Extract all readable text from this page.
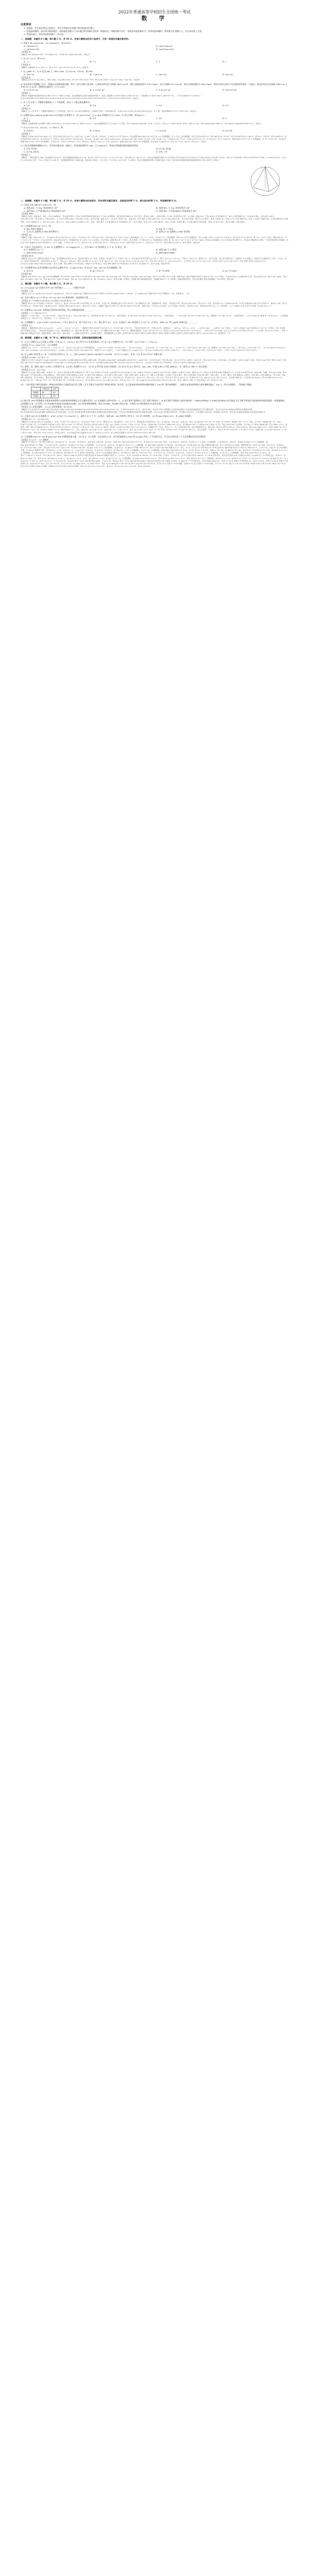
2022年普通高等学校招生全国统一考试
数　学
注意事项：
1. 答卷前，考生务必将自己的姓名、考生号等填写在答题卡和试卷指定位置上。
2. 回答选择题时，选出每小题答案后，用铅笔把答题卡上对应题目的答案标号涂黑。如需改动，用橡皮擦干净后，再选涂其他答案标号。回答非选择题时，将答案写在答题卡上。写在本试卷上无效。
3. 考试结束后，将本试卷和答题卡一并交回。
一、选择题：本题共 8 小题，每小题 5 分，共 40 分。在每小题给出的四个选项中，只有一项是符合题目要求的。
1. 若集合 M={x|√x<4}，N={x|3x≥1}，则 M∩N=
A. {x|0≤x<2}	B. {x|1/3≤x<2}
C. {x|3≤x<16}	D. {x|1/3≤x<16}
【答案】D
【解析】M={x|0≤x<16}，N={x|x≥1/3}，故 M∩N={x|1/3≤x<16}，故选 D.
2. 若 i(1−z)=1，则 z+z̄=
A. −2	B. −1	C. 1	D. 2
【答案】D
【解析】由题设有 1−z=1/i=−i，故 z=1+i，故 z+z̄=(1+i)+(1−i)=2，故选 D.
3. 在 △ABC 中，点 D 在边 AB 上，BD=2DA．记 CA=m，CD=n，则 CB=
A. 3m−2n	B. −2m+3n	C. 3m+2n	D. 2m+3n
【答案】B
【解析】因为点 D 在边 AB 上，BD=2DA，所以 BD=2DA，即 CD−CB=2(CA−CD)，所以 CB=3CD−2CA=3n−2m=−2m+3n．故选 B.
4. 南水北调工程缓解了北方一些地区水资源短缺问题，其中一部分水蓄入某水库．已知该水库水位为海拔 148.5 m 时，相应水面的面积为 140.0 km²；水位为海拔 157.5 m 时，相应水面的面积为 180.0 km²，将该水库在这两个水位间的形状看作一个棱台，则该水库水位从海拔 148.5 m 上升到 157.5 m 时，增加的水量约为（√7≈2.65）
A. 1.0×10⁹ m³	B. 1.2×10⁹ m³	C. 1.4×10⁹ m³	D. 1.6×10⁹ m³
【答案】C
【解析】依题意可知棱台的高为 MN=157.5−148.5=9(m)，所以增加的水量即为棱台的体积 V．棱台上底面积 S=180.0 km²=180×10⁶ m²，下底面积 S′=140.0 km²=140×10⁶ m²，∴V=(1/3)h(S+S′+√(SS′))=(1/3)×9×(140×10⁶+180×10⁶+√(140×180×10¹²))=3×(320+60√7)×10⁶≈(96+18×2.65)×10⁷=1.437×10⁹≈1.4×10⁹(m³)．故选 C.
5. 从 2 至 8 的 7 个整数中随机取 2 个不同的数，则这 2 个数互质的概率为
A. 1/6	B. 1/3	C. 1/2	D. 2/3
【答案】D
【解析】从 2 至 8 的 7 个整数中随机取 2 个不同的数，共有 C₇²=21 种不同的取法，若两数不互质，不同的取法有：(2,4),(2,6),(2,8),(3,6),(4,6),(4,8),(6,8)，共 7 种，故所求概率 P=(21−7)/21=2/3．故选 D.
6. 记函数 f(x)=sin(ωx+π/4)+b(ω>0) 的最小正周期为 T．若 2π/3<T<π，且 y=f(x) 的图象关于点 (3π/2, 2) 中心对称，则 f(π/2)=
A. 1	B. 3/2	C. 5/2	D. 3
【答案】A
【解析】由函数的最小正周期 T 满足 2π/3<T<π，得 2π/3<2π/ω<π，解得 2<ω<3，又因为函数图象关于点 (3π/2, 2) 对称，所以 (3π/2)ω+π/4=kπ，k∈Z，且 b=2，所以 ω=−1/6+(2/3)k，k∈Z，所以 ω=5/2，f(x)=sin((5/2)x+π/4)+2，所以 f(π/2)=sin(5π/4+π/4)+2=1．故选 A.
7. 设 a=0.1e^0.1，b=1/9，c=−ln0.9，则
A. a<b<c	B. c<b<a	C. c<a<b	D. a<c<b
【答案】C
【解析】设 f(x)=ln(1+x)−x(x>−1)，因为 f′(x)=1/(1+x)−1=−x/(1+x)，当 x∈(−1,0) 时，f′(x)>0，当 x∈(0,+∞) 时 f′(x)<0，所以函数 f(x)=ln(1+x)−x 在 (0,+∞) 单调递减，在 (−1,0) 上单调递增，所以 f(1/9)<f(0)=0，所以 ln(10/9)−1/9<0，故 1/9>ln(10/9)=−ln0.9，即 b>c；所以 f(−1/10)<f(0)=0，所以 ln(9/10)+1/10<0，故 9/10<e^(−1/10)，所以 (1/10)e^(1/10)<1/9，故 a<b；设 g(x)=xeˣ+ln(1−x)(0<x<1)，则 g′(x)=(x+1)eˣ+1/(x−1)=((x²−1)eˣ+1)/(x−1)，令 h(x)=eˣ(x²−1)+1，h′(x)=eˣ(x²+2x−1)，当 0<x<√2−1 时，h′(x)<0，函数 h(x)=eˣ(x²−1)+1 单调递减，当 √2−1<x<1 时，h′(x)>0，函数 h(x)=eˣ(x²−1)+1 单调递增，又 h(0)=0，所以当 0<x<√2−1 时，h(x)<0，所以当 0<x<√2−1 时，g′(x)>0，函数 g(x)=xeˣ+ln(1−x) 单调递增，所以 g(0.1)>g(0)=0，即 0.1e^0.1>−ln0.9，所以 a>c．故选 C.
8. 已知正四棱锥的侧棱长为 l，其各顶点都在同一球面上．若该球的体积为 36π，且 3≤l≤3√3，则该正四棱锥体积的取值范围是
A. [18, 81/4]	B. [27/4, 81/4]
C. [27/4, 64/3]	D. [18, 27]
【答案】C
【解析】∵球的体积为 36π，所以球的半径 R=3，设正四棱锥的底面边长为 2a，高为 h，则 l²=2a²+h²，3²=2a²+(3−h)²，所以 6h=l²，2a²=l²−h²，所以正四棱锥的体积 V=(1/3)Sh=(1/3)×4a²×h=(2/3)×(l²−l⁴/36)×(l²/6)=(1/9)(l⁴−l⁶/36)，所以 V′=(1/9)(4l³−l⁵/6)=(1/9)l³((24−l²)/6)，当 3≤l≤2√6 时，V′>0，当 2√6<l≤3√3 时，V′<0，所以当 l=2√6 时，正四棱锥的体积 V 取最大值，最大值为 64/3，又 l=3 时，V=27/4，l=3√3 时，V=81/4，所以正四棱锥的体积 V 的最小值为 27/4，所以该正四棱锥体积的取值范围是 [27/4, 64/3]．故选 C.
二、选择题：本题共 4 小题，每小题 5 分，共 20 分。在每小题给出的选项中，有多项符合题目要求。全部选对的得 5 分，部分选对的得 2 分，有选错的得 0 分。
9. 已知正方体 ABCD−A₁B₁C₁D₁，则
A. 直线 BC₁ 与 DA₁ 所成的角为 90°	B. 直线 BC₁ 与 CA₁ 所成的角为 90°
C. 直线 BC₁ 与平面 BB₁D₁D 所成的角为 45°	D. 直线 BC₁ 与平面 ABCD 所成的角为 45°
【答案】ABD
【解析】如图，连接 B₁C、BC₁，因为 DA₁∥B₁C，所以直线 BC₁ 与 B₁C 所成的角即为直线 BC₁ 与 DA₁ 所成的角，因为四边形 BB₁C₁C 为正方形，则 B₁C⊥BC₁，故直线 BC₁ 与 DA₁ 所成的角为 90°，A 正确；连接 A₁C，因为 A₁B₁⊥平面 BB₁C₁C，BC₁⊂平面 BB₁C₁C，则 A₁B₁⊥BC₁，因为 B₁C⊥BC₁，A₁B₁∩B₁C=B₁，所以 BC₁⊥平面 A₁B₁C，又 A₁C⊂平面 A₁B₁C，所以 BC₁⊥CA₁，故 B 正确；连接 A₁C₁，设 A₁C₁∩B₁D₁=O，连接 BO，因为 BB₁⊥平面 A₁B₁C₁D₁，C₁O⊂平面 A₁B₁C₁D₁，则 C₁O⊥B₁B，因为 C₁O⊥B₁D₁，B₁D₁∩B₁B=B₁，所以 C₁O⊥平面 BB₁D₁D，所以 ∠C₁BO 为直线 BC₁ 与平面 BB₁D₁D 所成的角，设正方体棱长为 1，则 C₁O=√2/2，BC₁=√2，sin∠C₁BO=C₁O/BC₁=1/2，所以，直线 BC₁ 与平面 BB₁D₁D 所成的角为 30°，故 C 错误；因为 C₁C⊥平面 ABCD，所以 ∠C₁BC 为直线 BC₁ 与平面 ABCD 所成的角，易得 ∠C₁BC=45°，故 D 正确．故选 ABD.
10. 已知函数 f(x)=x³−x+1，则
A. f(x) 有两个极值点	B. f(x) 有三个零点
C. 点 (0,1) 是曲线 y=f(x) 的对称中心	D. 直线 y=2x 是曲线 y=f(x) 的切线
【答案】AC
【解析】由题，f′(x)=3x²−1，令 f′(x)>0 得 x>√3/3 或 x<−√3/3，令 f′(x)<0 得 −√3/3<x<√3/3，所以 f(x) 在 (−√3/3, √3/3) 上单调递减，在 (−∞,−√3/3)，(√3/3,+∞) 上单调递增，所以 x=±√3/3 是极值点，故 A 正确；因 f(−√3/3)=1+2√3/9>0，f(√3/3)=1−2√3/9>0，f(−2)=−5<0，所以，函数 f(x) 在 (−∞,−√3/3) 上有一个零点，当 x≥√3/3 时，f(x)≥f(√3/3)>0，即函数 f(x) 在 (√3/3,+∞) 上无零点，综上所述，函数 f(x) 有一个零点，故 B 错误；令 h(x)=x³−x，该函数的定义域为 R，h(−x)=(−x)³−(−x)=−x³+x=−h(x)，则 h(x) 是奇函数，(0,0) 是 h(x) 的对称中心，将 h(x) 的图象向上移动一个单位得到 f(x) 的图象，所以点 (0,1) 是曲线 y=f(x) 的对称中心，故 C 正确；令 f′(x)=3x²−1=2，可得 x=±1，又 f(1)=f(−1)=1，当切点为 (1,1) 时，切线方程为 y=2x−1，当切点为 (−1,1) 时，切线方程为 y=2x+3，故 D 错误．故选 AC.
11. 已知 O 为坐标原点，点 A(1,1) 在抛物线 C：x²=2py(p>0) 上，过点 B(0,−1) 的直线交 C 于 P，Q 两点，则
A. C 的准线为 y=−1	B. 直线 AB 与 C 相切
C. |OP|·|OQ|>|OA|²	D. |BP|·|BQ|>|BA|²
【答案】BCD
【解析】将点 A 代入抛物线方程得 1=2p，所以抛物线方程为 x²=y，故准线方程为 y=−1/4，A 错误；k_AB=(1−(−1))/(1−0)=2，所以直线 AB 的方程为 y=2x−1，联立 {y=2x−1, x²=y}，可得 x²−2x+1=0，解得 x=1，故 B 正确；设过 B 的直线为 l，若直线 l 与 y 轴重合，则直线 l 与抛物线 C 只有一个交点，所以，直线 l 的斜率存在，设其方程为 y=kx−1，P(x₁,y₁)，Q(x₂,y₂)，联立 {y=kx−1, x²=y}，得 x²−kx+1=0，所以 {Δ=k²−4>0, x₁+x₂=k, x₁x₂=1}，所以 k>2 或 k<−2，y₁y₂=(x₁x₂)²=1，又 |OP|=√(x₁²+y₁²)=√(y₁+y₁²)，|OQ|=√(x₂²+y₂²)=√(y₂+y₂²)，所以 |OP|·|OQ|=√(y₁y₂(1+y₁)(1+y₂))=√(kx₁×kx₂)=|k|>2=|OA|²，故 C 正确；因为 |BP|=√(1+k²)|x₁|，|BQ|=√(1+k²)|x₂|，所以 |BP|·|BQ|=(1+k²)|x₁x₂|=1+k²>5，而 |BA|²=5，故 D 正确．故选 BCD.
12. 已知函数 f(x) 及其导函数 f′(x) 的定义域均为 R，记 g(x)=f′(x)，若 f(3/2−2x)，g(2+x) 均为偶函数，则
A. f(0)=0	B. g(−1/2)=0	C. f(−1)=f(4)	D. g(−1)=g(2)
【答案】BC
【解析】因为 f(3/2−2x)，g(2+x) 均为偶函数，所以 f(3/2−2x)=f(3/2+2x) 即 f(3/2−x)=f(3/2+x)，g(2+x)=g(2−x)，所以 f(3−x)=f(x)，g(4−x)=g(x)，则 f(−1)=f(4)，故 C 正确；函数 f(x)，g(x) 的图象分别关于直线 x=3/2，x=2 对称，又 g(x)=f′(x)，且函数 f(x) 可导，所以 g(3/2)=0，g(3−x)=−g(x)，所以 g(4−x)=g(x)=−g(3−x)，所以 g(x+2)=−g(x+1)=g(x)，所以 g(−1/2)=g(3/2)=0，g(−1)=g(1)=−g(2)，故 B 正确，D 错误；若函数 f(x) 满足题设条件，则函数 f(x)+C（C 为常数）也满足题设条件，所以无法确定 f(x) 的函数值，故 A 错误．故选 BC.
三、填空题：本题共 4 小题，每小题 5 分，共 20 分。
13. (1−y/x)(x+y)⁸ 的展开式中 x²y⁶ 的系数为 ________（用数字作答）．
【答案】−28
【解析】因为 (1−y/x)(x+y)⁸=(x+y)⁸−(y/x)(x+y)⁸，所以 (1−y/x)(x+y)⁸ 的展开式中含 x²y⁶ 的项为 C₈⁶x²y⁶−(y/x)C₈⁵x³y⁵=−28x²y⁶，(1−y/x)(x+y)⁸ 的展开式中 x²y⁶ 的系数为 −28．故答案为：−28
14. 写出与圆 x²+y²=1 和 (x−3)²+(y−4)²=16 都相切的一条直线的方程 ________．
【答案】y=−(3/4)x+5/4 或 y=(7/24)x−25/24 或 x=−1
【解析】圆 x²+y²=1 的圆心为 O(0,0)，半径为 1，圆 (x−3)²+(y−4)²=16 的圆心 O₁ 为 (3,4)，半径为 4，两圆圆心距为 √(3²+4²)=5，等于两圆半径之和，故两圆外切，如图，当切线为 l 时，因为 k_OO₁=4/3，所以 k_l=−3/4，设方程为 y=−(3/4)x+t(t>0)，O 到 l 的距离 d=|t|/√(1+9/16)=1，解得 t=5/4，所以 l 的方程为 y=−(3/4)x+5/4，当切线为 m 时，设直线方程为 kx+y+p=0，其中 p>0，k<0，由题意 {|p|/√(1+k²)=1, |3k+4+p|/√(1+k²)=4}，解得 {k=−7/24, p=25/24}，y=(7/24)x−25/24，当切线为 n 时，易知切线方程为 x=−1，故答案为：y=−(3/4)x+5/4 或 y=(7/24)x−25/24 或 x=−1．
15. 若曲线 y=(x+a)eˣ 有两条过坐标原点的切线，则 a 的取值范围是 ________．
【答案】(−∞,−4)∪(0,+∞)
【解析】∵y=(x+a)eˣ，∴y′=(x+1+a)eˣ，设切点为 (x₀,y₀)，则 y₀=(x₀+a)e^x₀，切线斜率 k=(x₀+1+a)e^x₀，切线方程为：y−(x₀+a)e^x₀=(x₀+1+a)e^x₀(x−x₀)，∵切线过原点，∴−(x₀+a)e^x₀=(x₀+1+a)e^x₀(−x₀)，整理得：x₀²+ax₀−a=0，∵切线有两条，∴Δ=a²+4a>0，解得 a<−4 或 a>0，∴a 的取值范围是 (−∞,−4)∪(0,+∞)，故答案为：(−∞,−4)∪(0,+∞)
16. 已知椭圆 C：x²/a²+y²/b²=1(a>b>0)，C 的上顶点为 A，两个焦点为 F₁，F₂，离心率为 1/2．过 F₁ 且垂直于 AF₂ 的直线与 C 交于 D，E 两点，|DE|=6，则 △ADE 的周长是 ________．
【答案】13
【解析】∵椭圆的离心率为 e=c/a=1/2，∴a=2c，∴b²=a²−c²=3c²，∴椭圆的方程为 x²/(4c²)+y²/(3c²)=1，即 3x²+4y²−12c²=0，不妨设左焦点为 F₁，右焦点为 F₂，如图所示，∵AF₂=a，OF₂=c，a=2c，∴∠AF₂O=π/3，∴△AF₁F₂ 为正三角形，∵过 F₁ 且垂直于 AF₂ 的直线与 C 交于 D，E 两点，DE 为线段 AF₂ 的垂直平分线，∴直线 DE 的斜率为 √3/3，斜率倒数为 √3，直线 DE 的方程：x=√3y−c，代入椭圆方程 3x²+4y²−12c²=0，整理化简得到：13y²−6√3cy−9c²=0，判别式 Δ=(6√3c)²+4×13×9c²=6²×16×c²，∴|CD|=√(1+(√3)²)|y₁−y₂|=2×√Δ/13=2×6×4×c/13=6，∴c=13/8，得 a=2c=13/4，∵DE 为线段 AF₂ 的垂直平分线，根据对称性，AD=DF₂，AE=EF₂，∴△ADE 的周长等于 △F₂DE 的周长，利用椭圆的定义得到 △F₂DE 周长为 |DF₂|+|EF₂|+|DE|=|DF₂|+|EF₂|+|DF₁|+|EF₁|=|DF₁|+|DF₂|+|EF₁|+|EF₂|=2a+2a=4a=13．故答案为：13．
四、解答题：本题共 6 小题，共 70 分。解答应写出文字说明、证明过程或演算步骤。
17. 记 Sₙ 为数列 {aₙ} 的前 n 项和，已知 a₁=1，{Sₙ/aₙ} 是公差为 1/3 的等差数列．(1) 求 {aₙ} 的通项公式；(2) 证明：1/a₁+1/a₂+⋯+1/aₙ<2．
【答案】(1) aₙ=n(n+1)/2　(2) 见解析
【解析】(1) ∵a₁=1，∴S₁=a₁=1，∴S₁/a₁=1，又∵{Sₙ/aₙ} 是公差为 1/3 的等差数列，∴Sₙ/aₙ=1+(1/3)(n−1)=(n+2)/3，∴Sₙ=(n+2)aₙ/3，∴当 n≥2 时，Sₙ₋₁=(n+1)aₙ₋₁/3，∴aₙ=Sₙ−Sₙ₋₁=(n+2)aₙ/3−(n+1)aₙ₋₁/3，整理得：(n−1)aₙ=(n+1)aₙ₋₁，即 aₙ/aₙ₋₁=(n+1)/(n−1)，∴aₙ=a₁×(a₂/a₁)×(a₃/a₂)×⋯×(aₙ₋₁/aₙ₋₂)×(aₙ/aₙ₋₁)=1×(3/1)×(4/2)×⋯×(n/(n−2))×((n+1)/(n−1))=n(n+1)/2，显然对于 n=1 也成立，∴{aₙ} 的通项公式 aₙ=n(n+1)/2；(2) 1/aₙ=2/(n(n+1))=2(1/n−1/(n+1))，∴1/a₁+1/a₂+⋯+1/aₙ=2[(1−1/2)+(1/2−1/3)+⋯+(1/n−1/(n+1))]=2(1−1/(n+1))<2
18. 记 △ABC 的内角 A，B，C 的对边分别为 a，b，c，已知 cosA/(1+sinA)=sin2B/(1+cos2B)．(1) 若 C=2π/3，求 B；(2) 求 (a²+b²)/c² 的最小值．
【答案】(1) π/6　(2) 4√2−5
【解析】(1) 因为 cosA/(1+sinA)=sin2B/(1+cos2B)=2sinBcosB/(2cos²B)=sinB/cosB，即 sinB=cosAcosB−sinAsinB=cos(A+B)=−cosC=1/2，而 0<B<π/3，所以 B=π/6；(2) 由 (1) 知，sinB=−cosC>0，所以 π/2<C<π，0<B<π/2，而 sinB=−cosC=sin(C−π/2)，所以 C=π/2+B，即有 A=π/2−2B，所以 (a²+b²)/c²=(sin²A+sin²B)/sin²C=(cos²2B+1−cos²B)/cos²B=((2cos²B−1)²+1−cos²B)/cos²B=4cos²B+2/cos²B−5≥2√8−5=4√2−5．当且仅当 cos²B=√2/2 时取等号，所以 (a²+b²)/c² 的最小值为 4√2−5．
19. 如图，直三棱柱 ABC−A₁B₁C₁ 的体积为 4，△A₁BC 的面积为 2√2．(1) 求 A 到平面 A₁BC 的距离；(2) 设 D 为 A₁C 的中点，AA₁=AB，平面 A₁BC⊥平面 ABB₁A₁，求二面角 A−BD−C 的正弦值．
【答案】(1) √2　(2) √3/2
【解析】(1) 在直三棱柱 ABC−A₁B₁C₁ 中，设点 A 到平面 A₁BC 的距离为 h，则 V_{A−A₁BC}=(1/3)S_{△A₁BC}·h=(2√2/3)h=V_{A₁−ABC}=(1/3)S_{△ABC}·A₁A=(1/3)V_{ABC−A₁B₁C₁}=4/3，解得 h=√2，所以点 A 到平面 A₁BC 的距离为 √2；(2) 取 A₁B 的中点 E，连接 AE，如图，因为 AA₁=AB，所以 AE⊥A₁B，又平面 A₁BC⊥平面 ABB₁A₁，平面 A₁BC∩平面 ABB₁A₁=A₁B，且 AE⊂平面 ABB₁A₁，所以 AE⊥平面 A₁BC，在直三棱柱 ABC−A₁B₁C₁ 中，BB₁⊥平面 ABC，由 BC⊂平面 A₁BC，BC⊂平面 ABC 可得 AE⊥BC，BB₁⊥BC，又 AE，BB₁⊂平面 ABB₁A₁ 且相交，所以 BC⊥平面 ABB₁A₁，所以 BC，BA，BB₁ 两两垂直，以 B 为原点，建立空间直角坐标系，如图，由 (1) 得 AE=√2，所以 AA₁=AB=2，A₁B=2√2，所以 BC=2，则 A(0,2,0)，A₁(0,2,2)，B(0,0,0)，C(2,0,0)，所以 A₁C 的中点 D(1,1,1)，则 BD=(1,1,1)，BA=(0,2,0)，BC=(2,0,0)，设平面 ABD 的一个法向量 m=(x,y,z)，则 {m·BD=x+y+z=0, m·BA=2y=0}，可取 m=(1,0,−1)，设平面 BDC 的一个法向量 n=(a,b,c)，则 {n·BD=a+b+c=0, n·BC=2a=0}，可取 n=(0,1,−1)，则 cos⟨m,n⟩=m·n/(|m|·|n|)=1/(√2×√2)=1/2，所以二面角 A−BD−C 的正弦值为 √(1−(1/2)²)=√3/2．
20. 一医疗团队为研究某地的一种地方性疾病与当地居民的卫生习惯（卫生习惯分为良好和不够良好两类）的关系，在已患该疾病的病例中随机调查了 100 例（称为病例组），同时在未患该疾病的人群中随机调查了 100 人（称为对照组），得到如下数据：
	不够良好	良好
病例组	40	60
对照组	10	90
(1) 能否有 99% 的把握认为患该疾病群体与未患该疾病群体的卫生习惯有差异？(2) 从该地的人群中任选一人，A 表示事件“选到的人卫生习惯不够良好”，B 表示事件“选到的人患有该疾病”．P(B|A)/P(B̄|A) 与 P(B|Ā)/P(B̄|Ā) 的比值是卫生习惯不够良好对患该疾病风险程度的一项度量指标，记该指标为 R．(ⅰ) 证明：R=P(A|B)/P(Ā|B)·P(Ā|B̄)/P(A|B̄)；(ⅱ) 利用该调查数据，给出 P(A|B)，P(A|B̄) 的估计值，并利用 (ⅰ) 的结果给出 R 的估计值．
【答案】(1) 答案见解析　(2) (ⅰ) 证明见解析；(ⅱ) R=6
【解析】(1) 由已知 K²=n(ad−bc)²/((a+b)(c+d)(a+c)(b+d))=200(40×90−60×10)²/(50×150×100×100)=24，又 P(K²≥6.635)=0.01，24>6.635，所以有 99% 的把握认为患该疾病群体与未患该疾病群体的卫生习惯有差异．(2) (ⅰ) 因为 R=P(B|A)/P(B̄|A)·P(B̄|Ā)/P(B|Ā)=P(AB)/P(A)·P(A)/P(AB̄)·P(ĀB̄)/P(Ā)·P(Ā)/P(ĀB)，所以 R=P(AB)/P(B)·P(B)/P(ĀB)·P(ĀB̄)/P(B̄)·P(B̄)/P(AB̄)，所以 R=P(A|B)/P(Ā|B)·P(Ā|B̄)/P(A|B̄)，(ⅱ) 由已知 P(A|B)=40/100，P(A|B̄)=10/100，又 P(Ā|B)=60/100，P(Ā|B̄)=90/100，所以 R=P(A|B)/P(Ā|B)·P(Ā|B̄)/P(A|B̄)=6
21. 已知点 A(2,1) 在双曲线 C：x²/a²−y²/(a²−1)=1(a>1) 上，直线 l 交 C 于 P，Q 两点，直线 AP，AQ 的斜率之和为 0．(1) 求 l 的斜率；(2) 若 tan∠PAQ=2√2，求 △PAQ 的面积．
【答案】(1) −1　(2) 16√2/9
【解析】(1) 因为点 A(2,1) 在双曲线 C：x²/a²−y²/(a²−1)=1(a>1) 上，所以 4/a²−1/(a²−1)=1，解得 a²=2，即双曲线 C：x²/2−y²=1，易知直线 l 的斜率存在，设 l：y=kx+m，P(x₁,y₁)，Q(x₂,y₂)，联立 {y=kx+m, x²/2−y²=1} 可得，(1−2k²)x²−4mkx−2m²−2=0，所以，x₁+x₂=−4mk/(2k²−1)，x₁x₂=(2m²+2)/(2k²−1)，Δ=16m²k²+4(2m²+2)(1−2k²)>0⇒m²−1+2k²>0，所以由 k_AP+k_AQ=0 可得，(y₂−1)/(x₂−2)+(y₁−1)/(x₁−2)=0，即 (x₁−2)(kx₂+m−1)+(x₂−2)(kx₁+m−1)=0，即 2kx₁x₂+(m−1−2k)(x₁+x₂)−4(m−1)=0，所以 2k×(2m²+2)/(2k²−1)+(m−1−2k)(−4mk/(2k²−1))−4(m−1)=0，化简得，8k²+4k−4+4m(k+1)=0，即 (k+1)(2k−1+m)=0，所以 k=−1 或 m=1−2k，当 m=1−2k 时，直线 l：y=kx+m=k(x−2)+1 过点 A(2,1)，与题意不符，舍去，故 k=−1．(2) 不妨设直线 PA，AQ 的倾斜角为 α，β(α<β)，因为 k_AP+k_AQ=0，所以 α+β=π，因为 tan∠PAQ=2√2，所以 tan(β−α)=2√2，即 tan2α=−2√2，即 √2tan²α−tanα−√2=0，解得 tanα=√2，于是，直线 PA：y=√2(x−2)+1，直线 QA：y=−√2(x−2)+1，联立 {y=√2(x−2)+1, x²/2−y²=1} 可得，(3/2)x²+2(1−2√2)x+10−4√2=0，因为方程有一个根为 2，所以 x_P=(10−4√2)/3，y_P=(4√2−5)/3，同理可得，x_Q=(10+4√2)/3，y_Q=(−4√2−5)/3．所以 PQ：x+y−5/3=0，|PQ|=16/3，点 A 到直线 PQ 的距离 d=|2+1−5/3|/√2=2√2/3，故 △PAQ 的面积为 (1/2)×(16/3)×(2√2/3)=16√2/9．
22. 已知函数 f(x)=eˣ−ax 和 g(x)=ax−lnx 有相同的最小值．(1) 求 a；(2) 证明：存在直线 y=b，其与两条曲线 y=f(x) 和 y=g(x) 共有三个不同的交点，并且从左到右的三个交点的横坐标成等差数列．
【答案】(1) a=1　(2) 见解析
【解析】(1) f(x)=eˣ−ax 的定义域为 R，而 f′(x)=eˣ−a，若 a≤0，则 f′(x)>0，此时 f(x) 无最小值，故 a>0．g(x)=ax−lnx 的定义域为 (0,+∞)，而 g′(x)=a−1/x=(ax−1)/x．当 x<lna 时，f′(x)<0，故 f(x) 在 (−∞,lna) 上为减函数，当 x>lna 时，f′(x)>0，故 f(x) 在 (lna,+∞) 上为增函数，故 f(x)_min=f(lna)=a−alna．当 0<x<1/a 时，g′(x)<0，故 g(x) 在 (0,1/a) 上为减函数，当 x>1/a 时，g′(x)>0，故 g(x) 在 (1/a,+∞) 上为增函数，故 g(x)_min=g(1/a)=1−ln(1/a)．因为 f(x)=eˣ−ax 和 g(x)=ax−lnx 有相同的最小值，故 1−ln(1/a)=a−alna，整理得到 (a−1)/(1+a)=lna，其中 a>0，设 g(a)=(a−1)/(1+a)−lna，a>0，则 g′(a)=2/(1+a)²−1/a=(−a²−1)/(a(1+a)²)≤0，故 g(a) 为 (0,+∞) 上的减函数，而 g(1)=0，故 g(a)=0 的唯一解为 a=1，故 (1−a)/(1+a)=lna 的解为 a=1．综上，a=1．(2) 由 (1) 可得 f(x)=eˣ−x 和 g(x)=x−lnx 的最小值为 1−ln1=1−ln(1/1)=1．当 b>1 时，考虑 eˣ−x=b 的解的个数、x−lnx=b 的解的个数．设 S(x)=eˣ−x−b，S′(x)=eˣ−1，当 x<0 时，S′(x)<0，当 x>0 时，S′(x)>0，故 S(x) 在 (−∞,0) 上为减函数，在 (0,+∞) 上为增函数，所以 S(x)_min=S(0)=1−b<0，而 S(−b)=e^(−b)>0，S(b)=e^b−2b，设 u(b)=e^b−2b，其中 b>1，则 u′(b)=e^b−2>0，故 u(b) 在 (1,+∞) 上为增函数，故 u(b)>u(1)=e−2>0，故 S(b)>0，故 S(x)=eˣ−x−b 有两个不同的零点，即 eˣ−x=b 的解的个数为 2．设 T(x)=x−lnx−b，T′(x)=(x−1)/x，当 0<x<1 时，T′(x)<0，当 x>1 时，T′(x)>0，故 T(x) 在 (0,1) 上为减函数，在 (1,+∞) 上为增函数，所以 T(x)_min=T(1)=1−b<0，而 T(e^(−b))=e^(−b)>0，T(e^b)=e^b−2b>0，T(x)=x−lnx−b 有两个不同的零点即 x−lnx=b 的解的个数为 2．当 b=1，由 (1) 讨论可得 x−lnx=b、eˣ−x=b 仅有一个零点，当 b<1 时，由 (1) 讨论可得 x−lnx=b、eˣ−x=b 均无零点，故若存在直线 y=b 与曲线 y=f(x)、y=g(x) 有三个不同的交点，则 b>1．设 h(x)=eˣ+lnx−2x，其中 x>0，故 h′(x)=eˣ+1/x−2，设 s(x)=eˣ−x−1，x>0，则 s′(x)=eˣ−1>0，故 s(x) 在 (0,+∞) 上为增函数，故 s(x)>s(0)=0 即 eˣ>x+1，所以 h′(x)>x+1/x−1≥2−1>0，所以 h(x) 在 (0,+∞) 上为增函数，而 h(1)=e−2>0，h(1/e³)=e^(1/e³)−3−2/e³<e−3−2/e³<0，故 h(x) 在 (0,+∞) 上有且只有一个零点 x₀，1/e³<x₀<1 且：当 0<x<x₀ 时，h(x)<0 即 eˣ−x<x−lnx 即 f(x)<g(x)，当 x>x₀ 时，h(x)>0 即 eˣ−x>x−lnx 即 f(x)>g(x)，因此若存在直线 y=b 与曲线 y=f(x)、y=g(x) 有三个不同的交点，故 b=f(x₀)=g(x₀)>1，此时 eˣ−x=b 有两个不同的零点 x₁，x₀(x₁<0<x₀)，此时 x−lnx=b 有两个不同的零点 x₀，x₄(0<x₀<1<x₄)，故 e^x₁−x₁=b，e^x₀−x₀=b，x₄−lnx₄−b=0，x₀−lnx₀−b=0，所以 x₄−b=lnx₄ 即 e^(x₄−b)=x₄ 即 e^(x₄−b)−(x₄−b)−b=0，故 x₄−b 为方程 eˣ−x=b 的解，同理 x₀−b 也为方程 eˣ−x=b 的解，又 e^x₁−x₁=b 可化为 e^x₁=x₁+b 即 x₁−ln(x₁+b)=0 即 (x₁+b)−ln(x₁+b)−b=0，故 x₁+b 为方程 x−lnx=b 的解，同理 x₀+b 也为方程 x−lnx=b 的解，所以 {x₁,x₀}={x₀−b,x₄−b}，而 b>1，故 {x₀=x₄−b, x₁=x₀−b}，即 x₁+x₄=2x₀．
